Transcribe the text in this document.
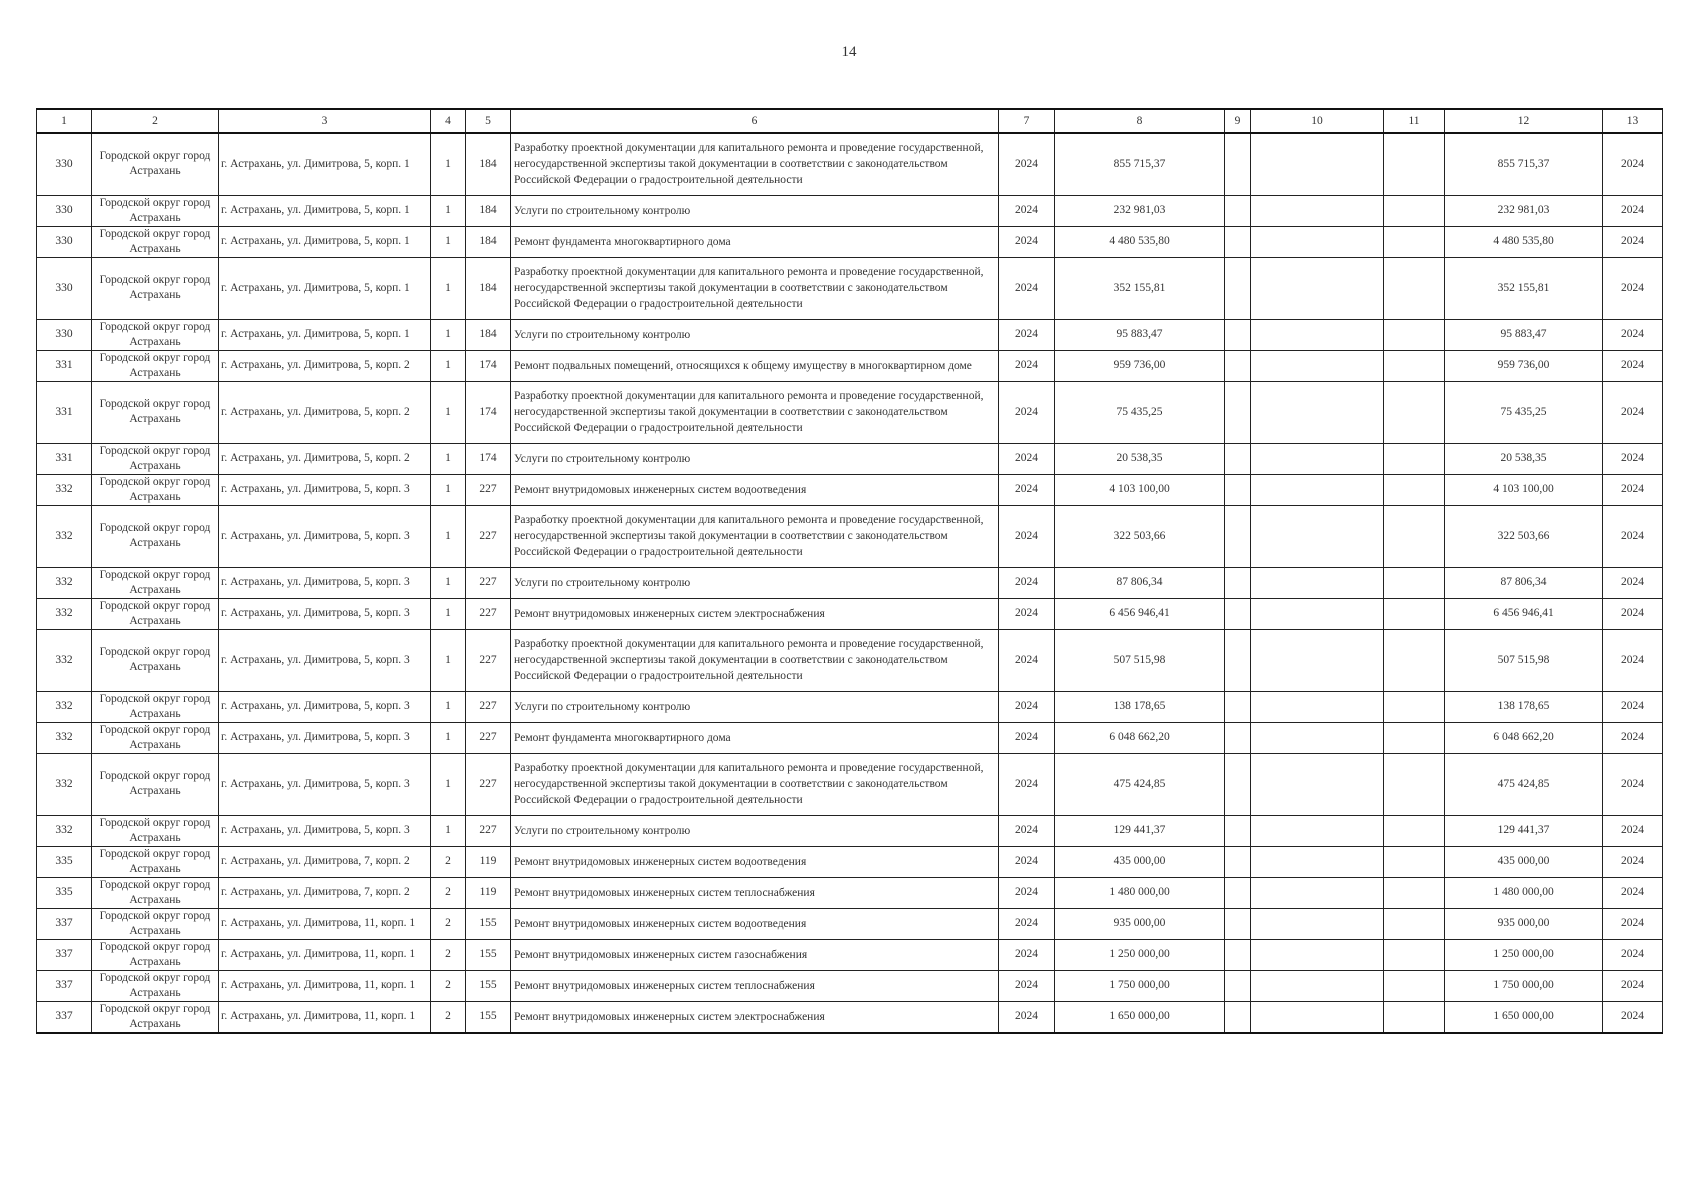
14
1	2	3	4	5	6	7	8	9	10	11	12	13
330	Городской округ город Астрахань	г. Астрахань, ул. Димитрова, 5, корп. 1	1	184	Разработку проектной документации для капитального ремонта и проведение государственной, негосударственной экспертизы такой документации в соответствии с законодательством Российской Федерации о градостроительной деятельности	2024	855 715,37				855 715,37	2024
330	Городской округ город Астрахань	г. Астрахань, ул. Димитрова, 5, корп. 1	1	184	Услуги по строительному контролю	2024	232 981,03				232 981,03	2024
330	Городской округ город Астрахань	г. Астрахань, ул. Димитрова, 5, корп. 1	1	184	Ремонт фундамента многоквартирного дома	2024	4 480 535,80				4 480 535,80	2024
330	Городской округ город Астрахань	г. Астрахань, ул. Димитрова, 5, корп. 1	1	184	Разработку проектной документации для капитального ремонта и проведение государственной, негосударственной экспертизы такой документации в соответствии с законодательством Российской Федерации о градостроительной деятельности	2024	352 155,81				352 155,81	2024
330	Городской округ город Астрахань	г. Астрахань, ул. Димитрова, 5, корп. 1	1	184	Услуги по строительному контролю	2024	95 883,47				95 883,47	2024
331	Городской округ город Астрахань	г. Астрахань, ул. Димитрова, 5, корп. 2	1	174	Ремонт подвальных помещений, относящихся к общему имуществу в многоквартирном доме	2024	959 736,00				959 736,00	2024
331	Городской округ город Астрахань	г. Астрахань, ул. Димитрова, 5, корп. 2	1	174	Разработку проектной документации для капитального ремонта и проведение государственной, негосударственной экспертизы такой документации в соответствии с законодательством Российской Федерации о градостроительной деятельности	2024	75 435,25				75 435,25	2024
331	Городской округ город Астрахань	г. Астрахань, ул. Димитрова, 5, корп. 2	1	174	Услуги по строительному контролю	2024	20 538,35				20 538,35	2024
332	Городской округ город Астрахань	г. Астрахань, ул. Димитрова, 5, корп. 3	1	227	Ремонт внутридомовых инженерных систем водоотведения	2024	4 103 100,00				4 103 100,00	2024
332	Городской округ город Астрахань	г. Астрахань, ул. Димитрова, 5, корп. 3	1	227	Разработку проектной документации для капитального ремонта и проведение государственной, негосударственной экспертизы такой документации в соответствии с законодательством Российской Федерации о градостроительной деятельности	2024	322 503,66				322 503,66	2024
332	Городской округ город Астрахань	г. Астрахань, ул. Димитрова, 5, корп. 3	1	227	Услуги по строительному контролю	2024	87 806,34				87 806,34	2024
332	Городской округ город Астрахань	г. Астрахань, ул. Димитрова, 5, корп. 3	1	227	Ремонт внутридомовых инженерных систем электроснабжения	2024	6 456 946,41				6 456 946,41	2024
332	Городской округ город Астрахань	г. Астрахань, ул. Димитрова, 5, корп. 3	1	227	Разработку проектной документации для капитального ремонта и проведение государственной, негосударственной экспертизы такой документации в соответствии с законодательством Российской Федерации о градостроительной деятельности	2024	507 515,98				507 515,98	2024
332	Городской округ город Астрахань	г. Астрахань, ул. Димитрова, 5, корп. 3	1	227	Услуги по строительному контролю	2024	138 178,65				138 178,65	2024
332	Городской округ город Астрахань	г. Астрахань, ул. Димитрова, 5, корп. 3	1	227	Ремонт фундамента многоквартирного дома	2024	6 048 662,20				6 048 662,20	2024
332	Городской округ город Астрахань	г. Астрахань, ул. Димитрова, 5, корп. 3	1	227	Разработку проектной документации для капитального ремонта и проведение государственной, негосударственной экспертизы такой документации в соответствии с законодательством Российской Федерации о градостроительной деятельности	2024	475 424,85				475 424,85	2024
332	Городской округ город Астрахань	г. Астрахань, ул. Димитрова, 5, корп. 3	1	227	Услуги по строительному контролю	2024	129 441,37				129 441,37	2024
335	Городской округ город Астрахань	г. Астрахань, ул. Димитрова, 7, корп. 2	2	119	Ремонт внутридомовых инженерных систем водоотведения	2024	435 000,00				435 000,00	2024
335	Городской округ город Астрахань	г. Астрахань, ул. Димитрова, 7, корп. 2	2	119	Ремонт внутридомовых инженерных систем теплоснабжения	2024	1 480 000,00				1 480 000,00	2024
337	Городской округ город Астрахань	г. Астрахань, ул. Димитрова, 11, корп. 1	2	155	Ремонт внутридомовых инженерных систем водоотведения	2024	935 000,00				935 000,00	2024
337	Городской округ город Астрахань	г. Астрахань, ул. Димитрова, 11, корп. 1	2	155	Ремонт внутридомовых инженерных систем газоснабжения	2024	1 250 000,00				1 250 000,00	2024
337	Городской округ город Астрахань	г. Астрахань, ул. Димитрова, 11, корп. 1	2	155	Ремонт внутридомовых инженерных систем теплоснабжения	2024	1 750 000,00				1 750 000,00	2024
337	Городской округ город Астрахань	г. Астрахань, ул. Димитрова, 11, корп. 1	2	155	Ремонт внутридомовых инженерных систем электроснабжения	2024	1 650 000,00				1 650 000,00	2024
